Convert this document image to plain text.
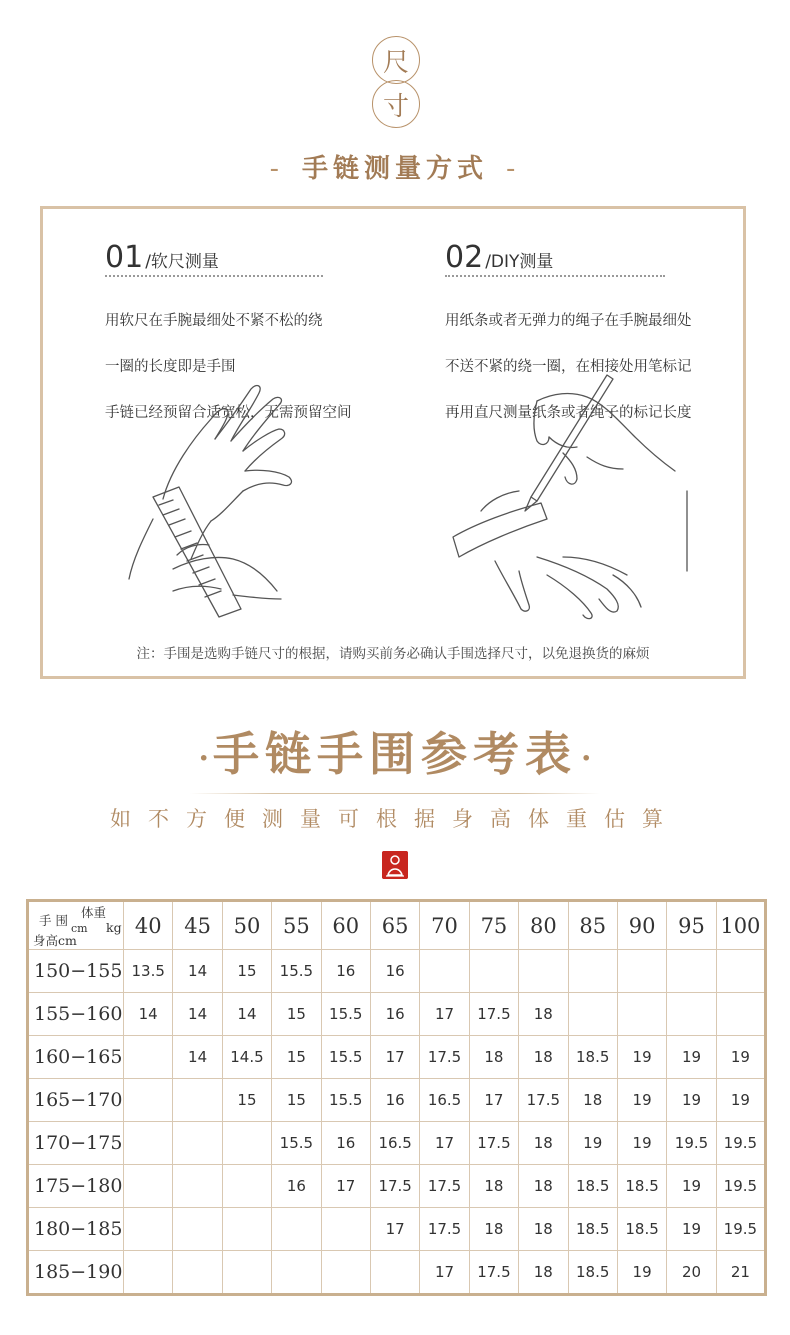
尺
寸
- 手链测量方式 -
01 /软尺测量

用软尺在手腕最细处不紧不松的绕

一圈的长度即是手围

手链已经预留合适宽松，无需预留空间

02 /DIY测量

用纸条或者无弹力的绳子在手腕最细处

不送不紧的绕一圈，在相接处用笔标记

再用直尺测量纸条或者绳子的标记长度

注：手围是选购手链尺寸的根据，请购买前务必确认手围选择尺寸，以免退换货的麻烦
·手链手围参考表 ·
如不方便测量可根据身高体重估算
体重
kg
手 围
cm
身高cm	40	45	50	55	60	65	70	75	80	85	90	95	100
150−155	13.5	14	15	15.5	16	16							
155−160	14	14	14	15	15.5	16	17	17.5	18				
160−165		14	14.5	15	15.5	17	17.5	18	18	18.5	19	19	19
165−170			15	15	15.5	16	16.5	17	17.5	18	19	19	19
170−175				15.5	16	16.5	17	17.5	18	19	19	19.5	19.5
175−180				16	17	17.5	17.5	18	18	18.5	18.5	19	19.5
180−185						17	17.5	18	18	18.5	18.5	19	19.5
185−190							17	17.5	18	18.5	19	20	21
